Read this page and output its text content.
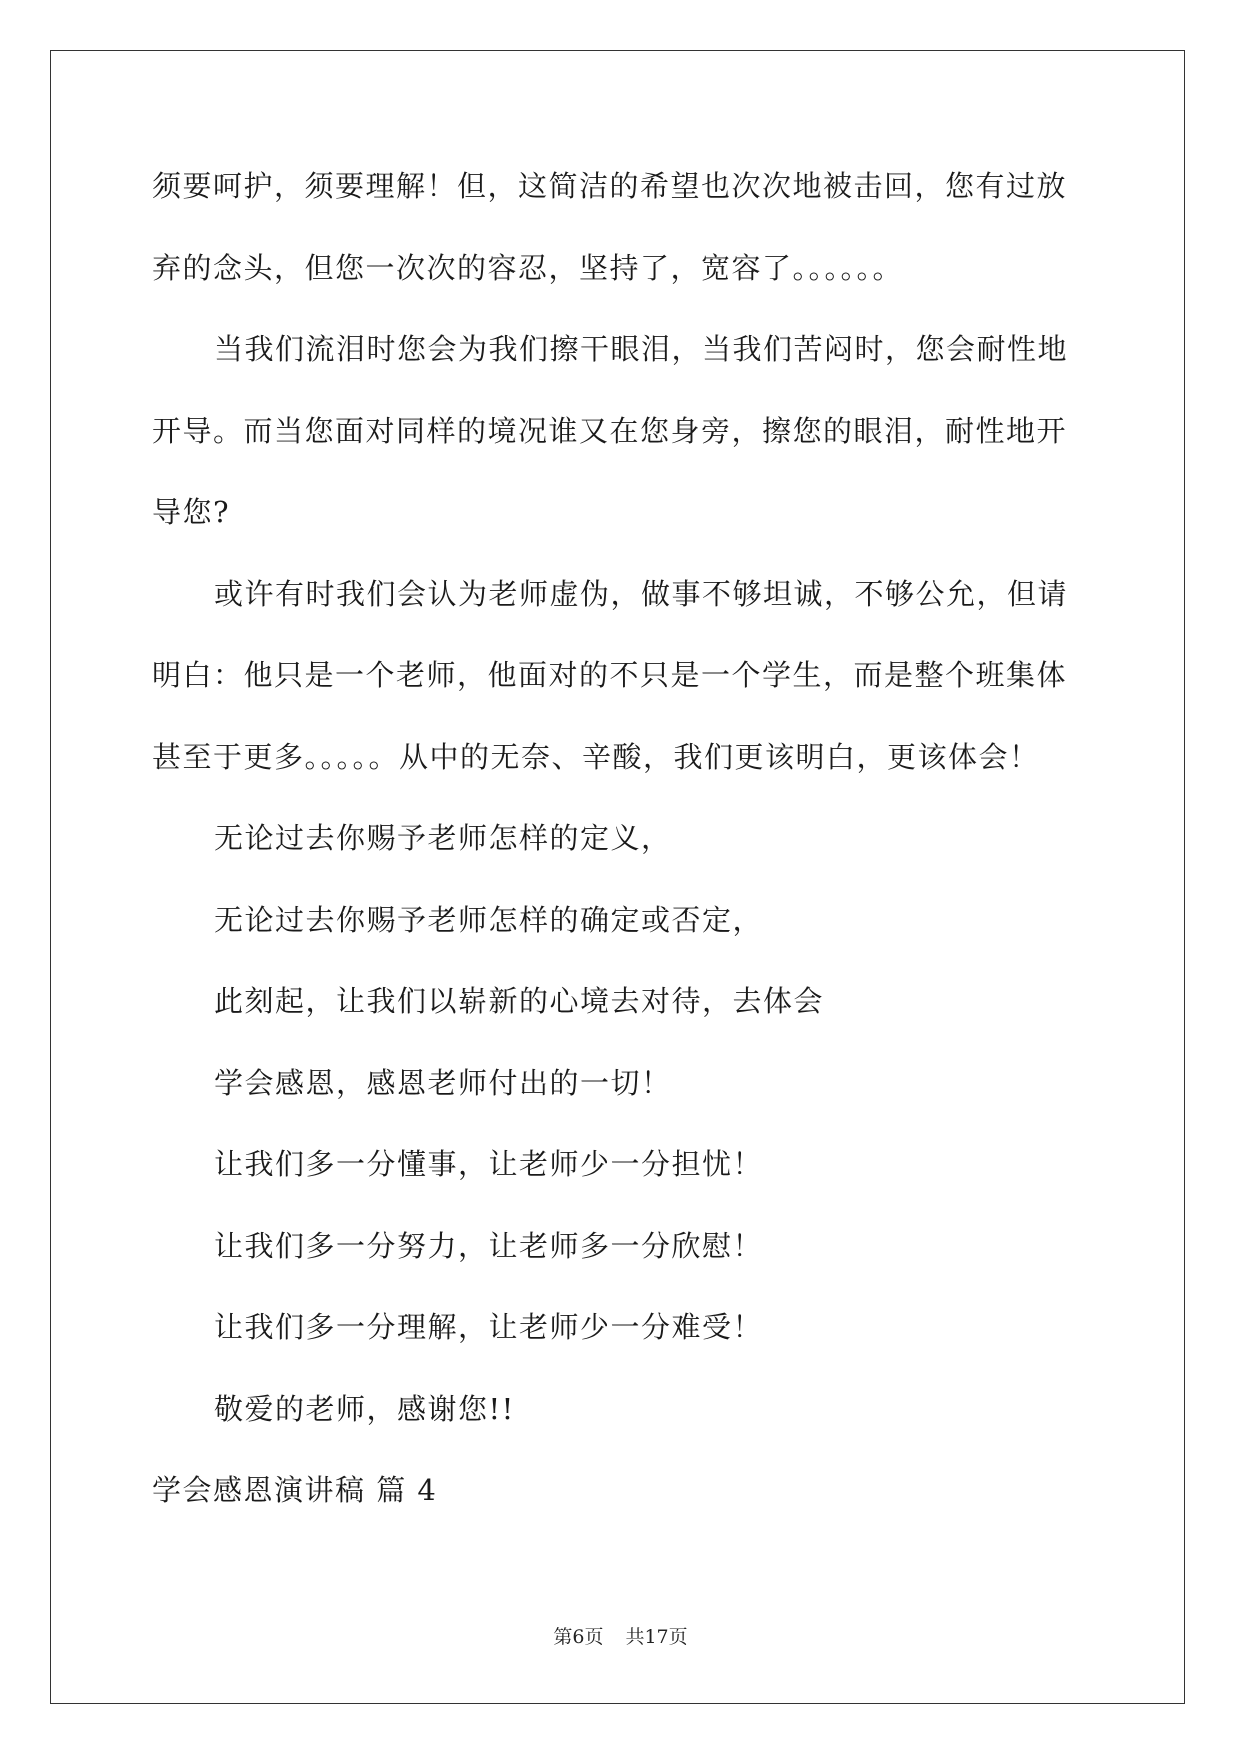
须要呵护，须要理解！但，这简洁的希望也次次地被击回，您有过放
弃的念头，但您一次次的容忍，坚持了，宽容了。。。。。。
当我们流泪时您会为我们擦干眼泪，当我们苦闷时，您会耐性地
开导。而当您面对同样的境况谁又在您身旁，擦您的眼泪，耐性地开
导您?
或许有时我们会认为老师虚伪，做事不够坦诚，不够公允，但请
明白：他只是一个老师，他面对的不只是一个学生，而是整个班集体
甚至于更多。。。。。从中的无奈、辛酸，我们更该明白，更该体会！
无论过去你赐予老师怎样的定义，
无论过去你赐予老师怎样的确定或否定，
此刻起，让我们以崭新的心境去对待，去体会
学会感恩，感恩老师付出的一切！
让我们多一分懂事，让老师少一分担忧！
让我们多一分努力，让老师多一分欣慰！
让我们多一分理解，让老师少一分难受！
敬爱的老师，感谢您!!
学会感恩演讲稿 篇 4
第6页 共17页
